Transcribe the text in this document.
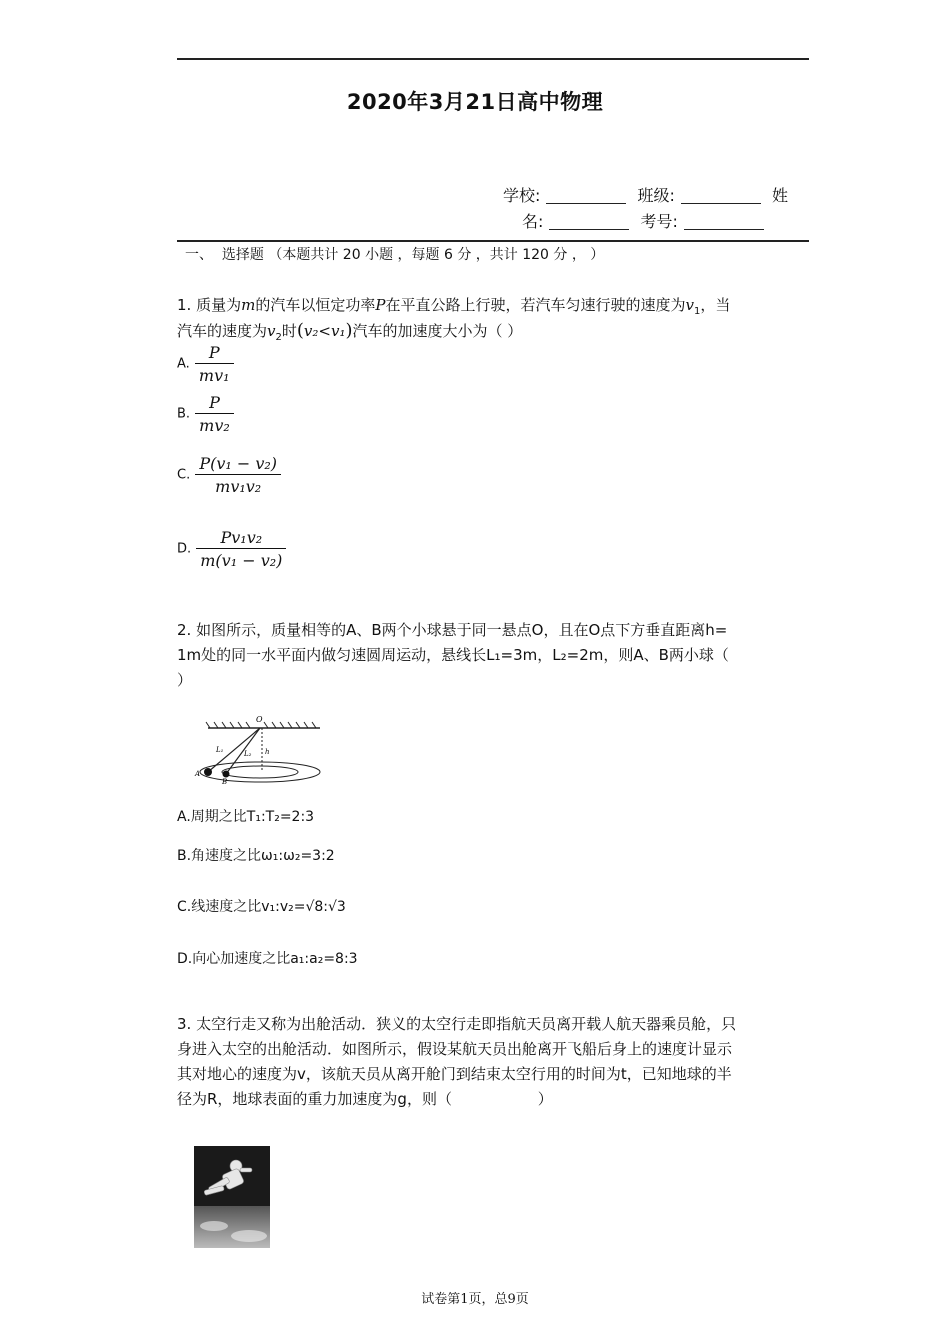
2020年3月21日高中物理
学校:	班级:	姓
名:	考号:
一、  选择题 （本题共计 20 小题 ，每题 6 分 ，共计 120 分 ， ）
1. 质量为m的汽车以恒定功率P在平直公路上行驶，若汽车匀速行驶的速度为$v_1$，当
汽车的速度为$v_2$时(v₂<v₁)汽车的加速度大小为（ ）
A. $\frac{P}{\text{mv₁}}$
B. $\frac{P}{\text{mv₂}}$
C. $\frac{\text{P(v₁ − v₂)}}{\text{mv₁v₂}}$
D. $\frac{\text{Pv₁v₂}}{\text{m(v₁ − v₂)}}$
2. 如图所示，质量相等的A、B两个小球悬于同一悬点O，且在O点下方垂直距离h=
1m处的同一水平面内做匀速圆周运动，悬线长L₁=3m，L₂=2m，则A、B两小球（
）
O
L₁	L₂ h
A
B
A.周期之比T₁:T₂=2:3
B.角速度之比ω₁:ω₂=3:2
C.线速度之比v₁:v₂=√8:√3
D.向心加速度之比a₁:a₂=8:3
3. 太空行走又称为出舱活动．狭义的太空行走即指航天员离开载人航天器乘员舱，只
身进入太空的出舱活动．如图所示，假设某航天员出舱离开飞船后身上的速度计显示
其对地心的速度为v，该航天员从离开舱门到结束太空行用的时间为t，已知地球的半
径为R，地球表面的重力加速度为g，则（                  ）
试卷第1页，总9页
